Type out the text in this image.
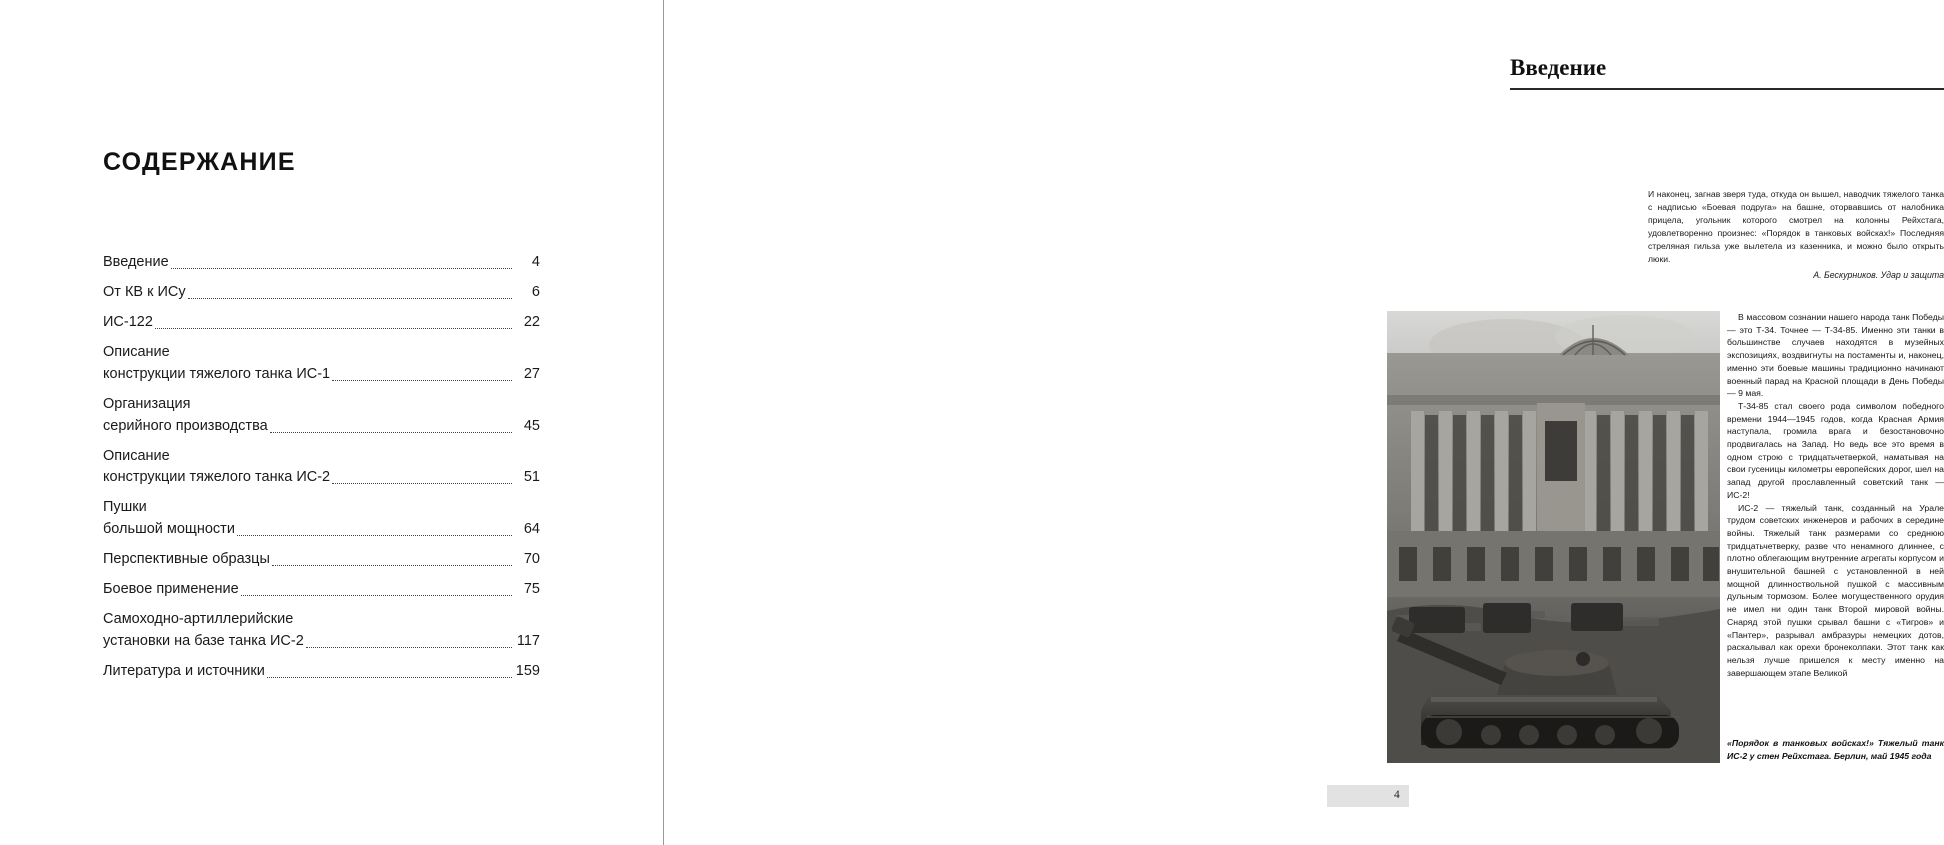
СОДЕРЖАНИЕ
Введение	4
От КВ к ИСу	6
ИС-122	22
Описание
конструкции тяжелого танка ИС-1	27
Организация
серийного производства	45
Описание
конструкции тяжелого танка ИС-2	51
Пушки
большой мощности	64
Перспективные образцы	70
Боевое применение	75
Самоходно-артиллерийские
установки на базе танка ИС-2	117
Литература и источники	159
Введение
И наконец, загнав зверя туда, откуда он вышел, наводчик тяжелого танка с надписью «Боевая подруга» на башне, оторвавшись от налобника прицела, угольник которого смотрел на колонны Рейхстага, удовлетворенно произнес: «Порядок в танковых войсках!» Последняя стреляная гильза уже вылетела из казенника, и можно было открыть люки.
А. Бескурников. Удар и защита

В массовом сознании нашего народа танк Победы — это Т-34. Точнее — Т-34-85. Именно эти танки в большинстве случаев находятся в музейных экспозициях, воздвигнуты на постаменты и, наконец, именно эти боевые машины традиционно начинают военный парад на Красной площади в День Победы — 9 мая.

Т-34-85 стал своего рода символом победного времени 1944—1945 годов, когда Красная Армия наступала, громила врага и безостановочно продвигалась на Запад. Но ведь все это время в одном строю с тридцатьчетверкой, наматывая на свои гусеницы километры европейских дорог, шел на запад другой прославленный советский танк — ИС-2!

ИС-2 — тяжелый танк, созданный на Урале трудом советских инженеров и рабочих в середине войны. Тяжелый танк размерами со среднюю тридцатьчетверку, разве что ненамного длиннее, с плотно облегающим внутренние агрегаты корпусом и внушительной башней с установленной в ней мощной длинноствольной пушкой с массивным дульным тормозом. Более могущественного орудия не имел ни один танк Второй мировой войны. Снаряд этой пушки срывал башни с «Тигров» и «Пантер», разрывал амбразуры немецких дотов, раскалывал как орехи бронеколпаки. Этот танк как нельзя лучше пришелся к месту именно на завершающем этапе Великой

«Порядок в танковых войсках!» Тяжелый танк ИС-2 у стен Рейхстага. Берлин, май 1945 года
4
